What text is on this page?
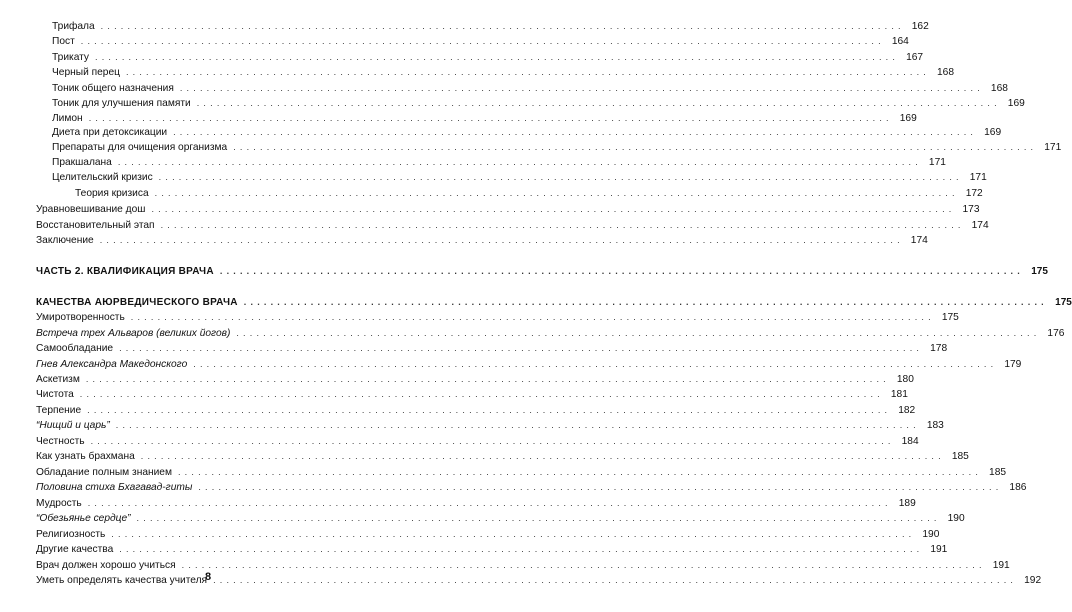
Трифала ........................................................................................................................ 162
Пост ........................................................................................................................ 164
Трикату ........................................................................................................................ 167
Черный перец ........................................................................................................................ 168
Тоник общего назначения ........................................................................................................................ 168
Тоник для улучшения памяти ........................................................................................................................ 169
Лимон ........................................................................................................................ 169
Диета при детоксикации ........................................................................................................................ 169
Препараты для очищения организма ........................................................................................................................ 171
Пракшалана ........................................................................................................................ 171
Целительский кризис ........................................................................................................................ 171
Теория кризиса ........................................................................................................................ 172
Уравновешивание дош ........................................................................................................................ 173
Восстановительный этап ........................................................................................................................ 174
Заключение ........................................................................................................................ 174
ЧАСТЬ 2. КВАЛИФИКАЦИЯ ВРАЧА ........................................................................................................................ 175
КАЧЕСТВА АЮРВЕДИЧЕСКОГО ВРАЧА ........................................................................................................................ 175
Умиротворенность ........................................................................................................................ 175
Встреча трех Альваров (великих йогов) ........................................................................................................................ 176
Самообладание ........................................................................................................................ 178
Гнев Александра Македонского ........................................................................................................................ 179
Аскетизм ........................................................................................................................ 180
Чистота ........................................................................................................................ 181
Терпение ........................................................................................................................ 182
“Нищий и царь” ........................................................................................................................ 183
Честность ........................................................................................................................ 184
Как узнать брахмана ........................................................................................................................ 185
Обладание полным знанием ........................................................................................................................ 185
Половина стиха Бхагавад-гиты ........................................................................................................................ 186
Мудрость ........................................................................................................................ 189
“Обезьянье сердце” ........................................................................................................................ 190
Религиозность ........................................................................................................................ 190
Другие качества ........................................................................................................................ 191
Врач должен хорошо учиться ........................................................................................................................ 191
Уметь определять качества учителя ........................................................................................................................ 192
8
